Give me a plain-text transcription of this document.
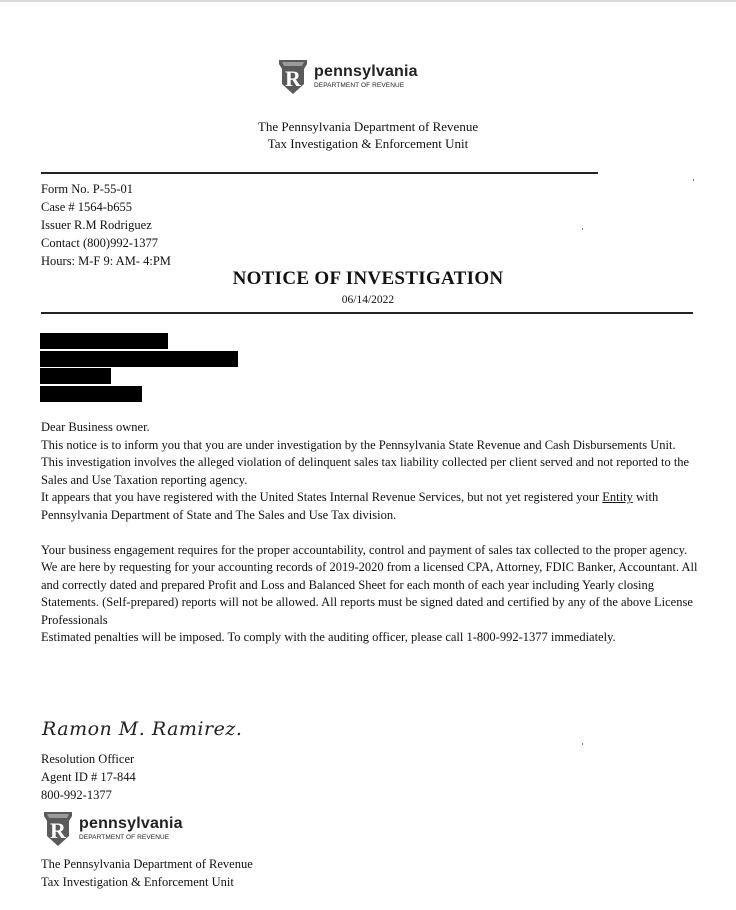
R pennsylvania
DEPARTMENT OF REVENUE
The Pennsylvania Department of Revenue
Tax Investigation & Enforcement Unit
Form No. P-55-01
Case # 1564-b655
Issuer R.M Rodriguez
Contact (800)992-1377
Hours: M-F 9: AM- 4:PM
NOTICE OF INVESTIGATION
06/14/2022

Dear Business owner.

This notice is to inform you that you are under investigation by the Pennsylvania State Revenue and Cash Disbursements Unit.

This investigation involves the alleged violation of delinquent sales tax liability collected per client served and not reported to the Sales and Use Taxation reporting agency.

It appears that you have registered with the United States Internal Revenue Services, but not yet registered your Entity with Pennsylvania Department of State and The Sales and Use Tax division.

Your business engagement requires for the proper accountability, control and payment of sales tax collected to the proper agency.

We are here by requesting for your accounting records of 2019-2020 from a licensed CPA, Attorney, FDIC Banker, Accountant. All and correctly dated and prepared Profit and Loss and Balanced Sheet for each month of each year including Yearly closing Statements. (Self-prepared) reports will not be allowed. All reports must be signed dated and certified by any of the above License Professionals

Estimated penalties will be imposed. To comply with the auditing officer, please call 1-800-992-1377 immediately.

Ramon M. Ramirez.
Resolution Officer
Agent ID # 17-844
800-992-1377
R pennsylvania
DEPARTMENT OF REVENUE
The Pennsylvania Department of Revenue
Tax Investigation & Enforcement Unit
